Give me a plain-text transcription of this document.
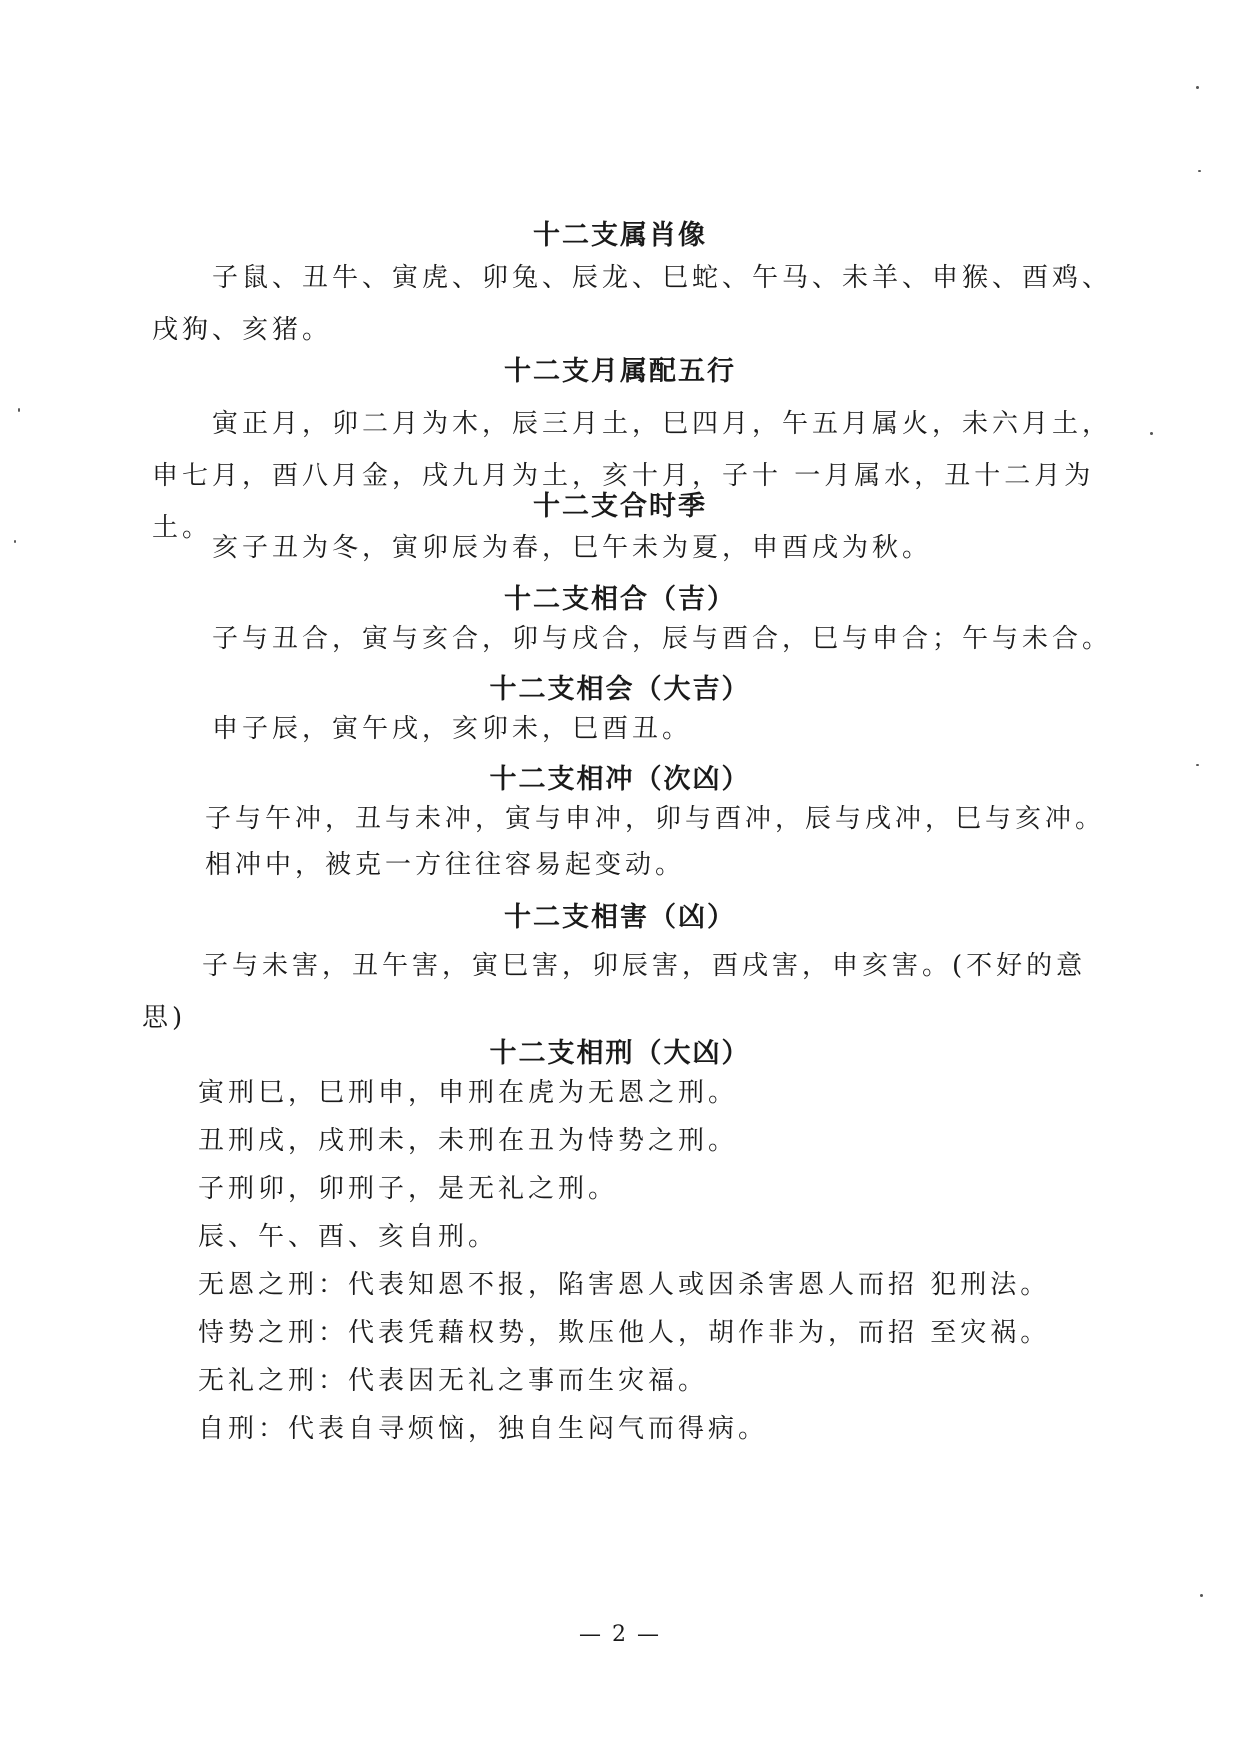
十二支属肖像
子鼠、丑牛、寅虎、卯兔、辰龙、巳蛇、午马、未羊、申猴、酉鸡、戌狗、亥猪。
十二支月属配五行
寅正月，卯二月为木，辰三月土，巳四月，午五月属火，未六月土，申七月，酉八月金，戌九月为土，亥十月，子十 一月属水，丑十二月为土。
十二支合时季
亥子丑为冬，寅卯辰为春，巳午未为夏，申酉戌为秋。
十二支相合（吉）
子与丑合，寅与亥合，卯与戌合，辰与酉合，巳与申合；午与未合。
十二支相会（大吉）
申子辰，寅午戌，亥卯未，巳酉丑。
十二支相冲（次凶）
子与午冲，丑与未冲，寅与申冲，卯与酉冲，辰与戌冲，巳与亥冲。
相冲中，被克一方往往容易起变动。
十二支相害（凶）
子与未害，丑午害，寅巳害，卯辰害，酉戌害，申亥害。(不好的意思)
十二支相刑（大凶）
寅刑巳，巳刑申，申刑在虎为无恩之刑。
丑刑戌，戌刑未，未刑在丑为恃势之刑。
子刑卯，卯刑子，是无礼之刑。
辰、午、酉、亥自刑。
无恩之刑：代表知恩不报，陷害恩人或因杀害恩人而招 犯刑法。
恃势之刑：代表凭藉权势，欺压他人，胡作非为，而招 至灾祸。
无礼之刑：代表因无礼之事而生灾福。
自刑：代表自寻烦恼，独自生闷气而得病。
— 2 —
